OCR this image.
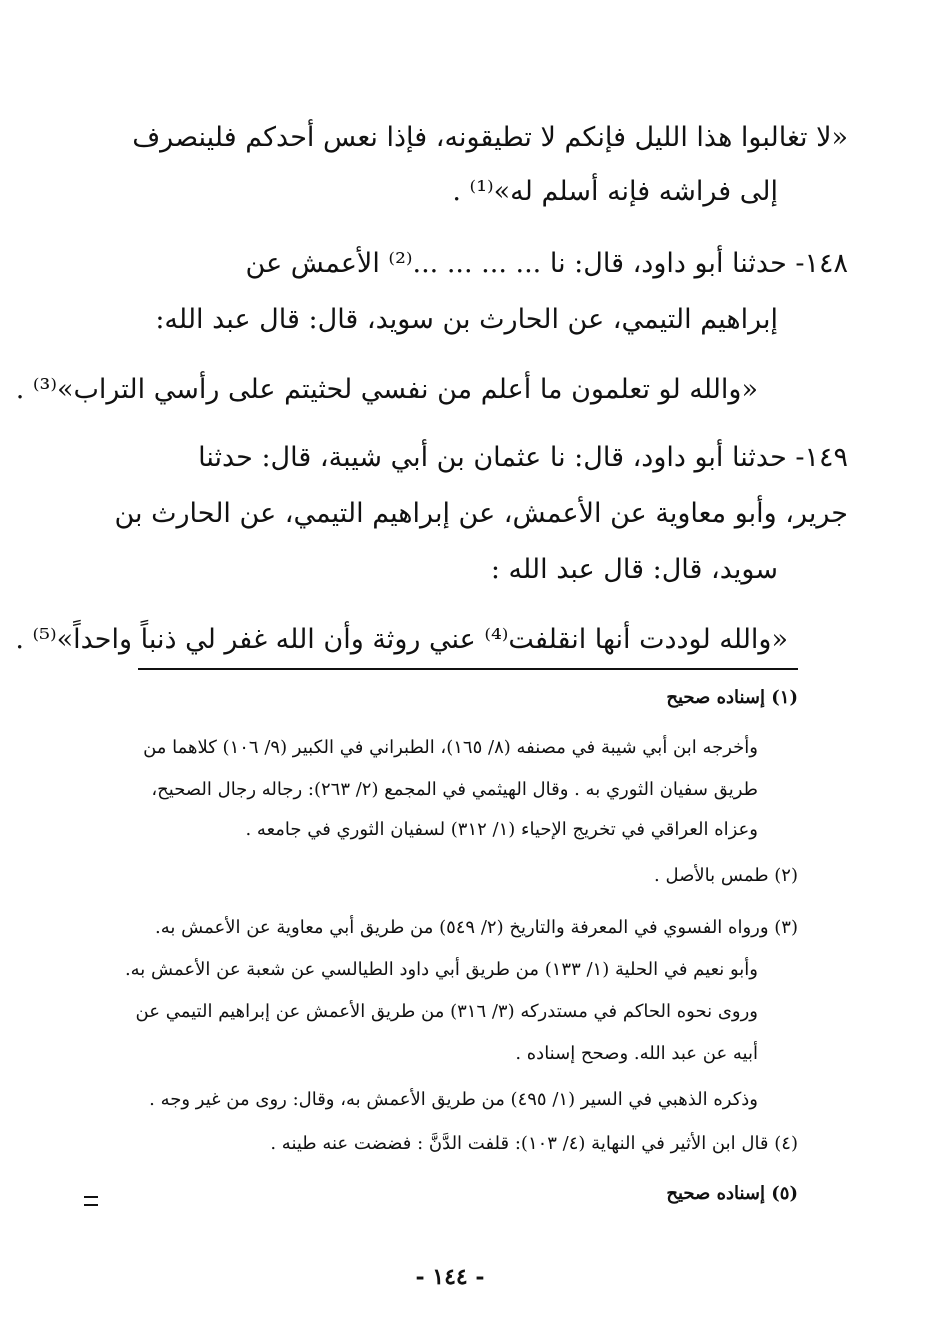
«لا تغالبوا هذا الليل فإنكم لا تطيقونه، فإذا نعس أحدكم فلينصرف
إلى فراشه فإنه أسلم له»⁽¹⁾ .
١٤٨- حدثنا أبو داود، قال: نا ... ... ... ...⁽²⁾ الأعمش عن
إبراهيم التيمي، عن الحارث بن سويد، قال: قال عبد الله:
«والله لو تعلمون ما أعلم من نفسي لحثيتم على رأسي التراب»⁽³⁾ .
١٤٩- حدثنا أبو داود، قال: نا عثمان بن أبي شيبة، قال: حدثنا
جرير، وأبو معاوية عن الأعمش، عن إبراهيم التيمي، عن الحارث بن
سويد، قال: قال عبد الله :
«والله لوددت أنها انقلفت⁽⁴⁾ عني روثة وأن الله غفر لي ذنباً واحداً»⁽⁵⁾ .
(١) إسناده صحيح
وأخرجه ابن أبي شيبة في مصنفه (٨/ ١٦٥)، الطبراني في الكبير (٩/ ١٠٦) كلاهما من
طريق سفيان الثوري به . وقال الهيثمي في المجمع (٢/ ٢٦٣): رجاله رجال الصحيح،
وعزاه العراقي في تخريج الإحياء (١/ ٣١٢) لسفيان الثوري في جامعه .
(٢) طمس بالأصل .
(٣) ورواه الفسوي في المعرفة والتاريخ (٢/ ٥٤٩) من طريق أبي معاوية عن الأعمش به.
وأبو نعيم في الحلية (١/ ١٣٣) من طريق أبي داود الطيالسي عن شعبة عن الأعمش به.
وروى نحوه الحاكم في مستدركه (٣/ ٣١٦) من طريق الأعمش عن إبراهيم التيمي عن
أبيه عن عبد الله. وصحح إسناده .
وذكره الذهبي في السير (١/ ٤٩٥) من طريق الأعمش به، وقال: روى من غير وجه .
(٤) قال ابن الأثير في النهاية (٤/ ١٠٣): قلفت الدَّنَّ : فضضت عنه طينه .
(٥) إسناده صحيح
- ١٤٤ -
